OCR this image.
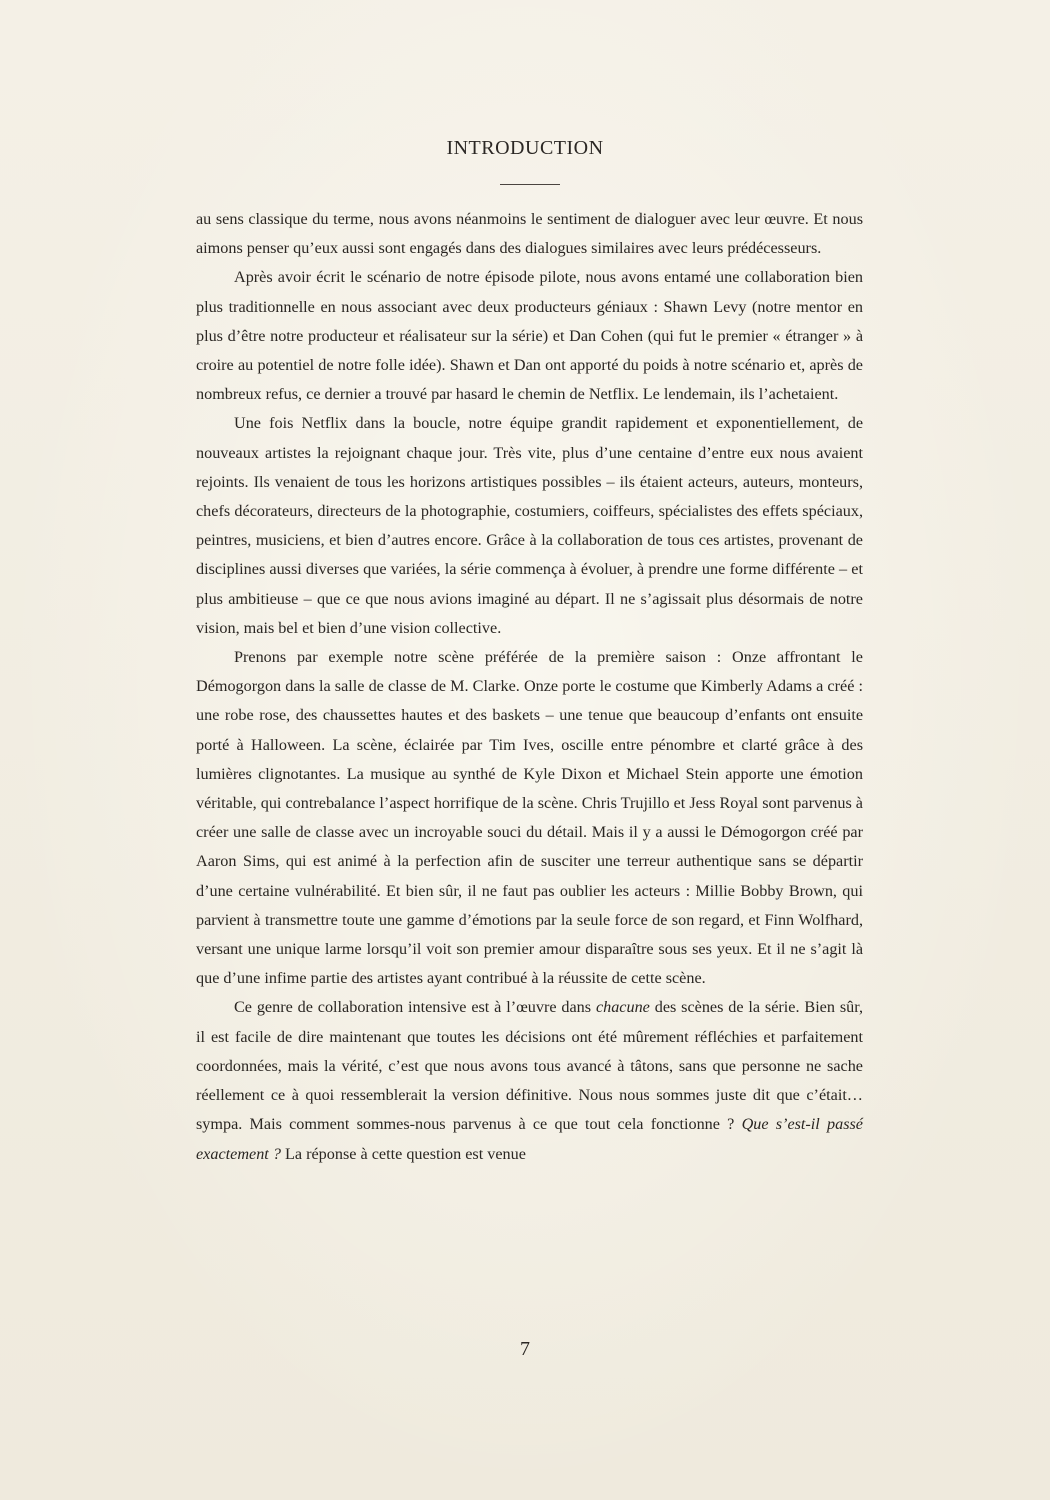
INTRODUCTION

au sens classique du terme, nous avons néanmoins le sentiment de dialoguer avec leur œuvre. Et nous aimons penser qu’eux aussi sont engagés dans des dialogues similaires avec leurs prédécesseurs.

Après avoir écrit le scénario de notre épisode pilote, nous avons entamé une collaboration bien plus traditionnelle en nous associant avec deux producteurs géniaux : Shawn Levy (notre mentor en plus d’être notre producteur et réalisateur sur la série) et Dan Cohen (qui fut le premier « étranger » à croire au potentiel de notre folle idée). Shawn et Dan ont apporté du poids à notre scénario et, après de nombreux refus, ce dernier a trouvé par hasard le chemin de Netflix. Le lendemain, ils l’achetaient.

Une fois Netflix dans la boucle, notre équipe grandit rapidement et exponentiellement, de nouveaux artistes la rejoignant chaque jour. Très vite, plus d’une centaine d’entre eux nous avaient rejoints. Ils venaient de tous les horizons artistiques possibles – ils étaient acteurs, auteurs, monteurs, chefs décorateurs, directeurs de la photographie, costumiers, coiffeurs, spécialistes des effets spéciaux, peintres, musiciens, et bien d’autres encore. Grâce à la collaboration de tous ces artistes, provenant de disciplines aussi diverses que variées, la série commença à évoluer, à prendre une forme différente – et plus ambitieuse – que ce que nous avions imaginé au départ. Il ne s’agissait plus désormais de notre vision, mais bel et bien d’une vision collective.

Prenons par exemple notre scène préférée de la première saison : Onze affrontant le Démogorgon dans la salle de classe de M. Clarke. Onze porte le costume que Kimberly Adams a créé : une robe rose, des chaussettes hautes et des baskets – une tenue que beaucoup d’enfants ont ensuite porté à Halloween. La scène, éclairée par Tim Ives, oscille entre pénombre et clarté grâce à des lumières clignotantes. La musique au synthé de Kyle Dixon et Michael Stein apporte une émotion véritable, qui contrebalance l’aspect horrifique de la scène. Chris Trujillo et Jess Royal sont parvenus à créer une salle de classe avec un incroyable souci du détail. Mais il y a aussi le Démogorgon créé par Aaron Sims, qui est animé à la perfection afin de susciter une terreur authentique sans se départir d’une certaine vulnérabilité. Et bien sûr, il ne faut pas oublier les acteurs : Millie Bobby Brown, qui parvient à transmettre toute une gamme d’émotions par la seule force de son regard, et Finn Wolfhard, versant une unique larme lorsqu’il voit son premier amour disparaître sous ses yeux. Et il ne s’agit là que d’une infime partie des artistes ayant contribué à la réussite de cette scène.

Ce genre de collaboration intensive est à l’œuvre dans chacune des scènes de la série. Bien sûr, il est facile de dire maintenant que toutes les décisions ont été mûrement réfléchies et parfaitement coordonnées, mais la vérité, c’est que nous avons tous avancé à tâtons, sans que personne ne sache réellement ce à quoi ressemblerait la version définitive. Nous nous sommes juste dit que c’était… sympa. Mais comment sommes-nous parvenus à ce que tout cela fonctionne ? Que s’est-il passé exactement ? La réponse à cette question est venue

7
